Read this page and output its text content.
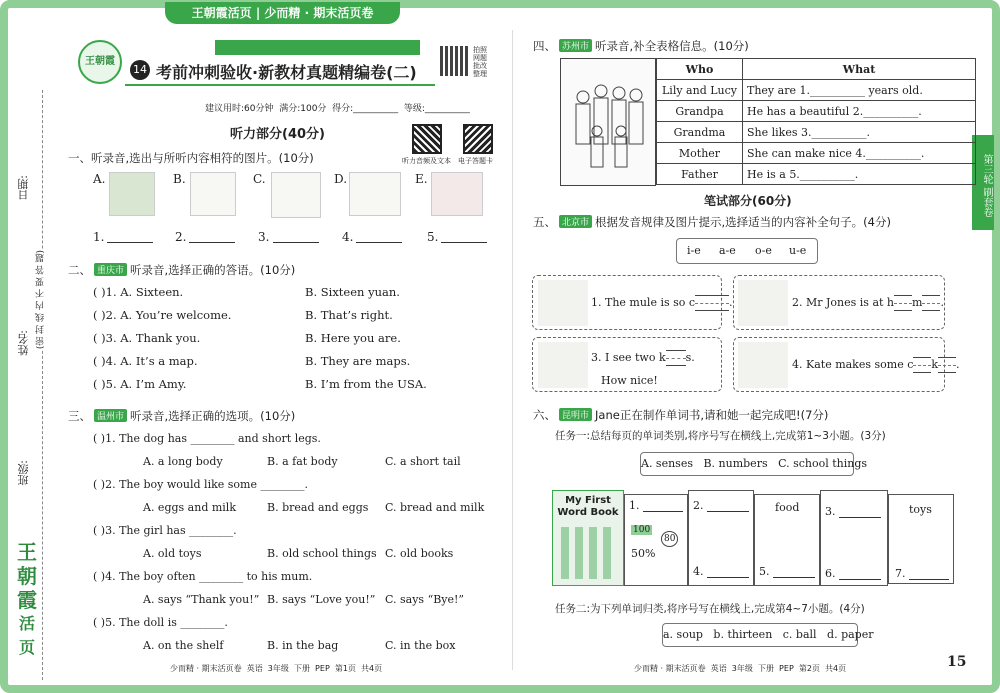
王朝霞活页 | 少而精 · 期末活页卷
日期:
(密 封 线 内 不 要 答 题)
姓名:
班级:
王
朝
霞
活页
第三轮 刷套卷
王朝霞
14 考前冲刺验收·新教材真题精编卷(二)
拍照 网题 批改 整理
建议用时:60分钟  满分:100分  得分:__________  等级:__________
听力部分(40分)
听力音频及文本 电子答题卡
一、听录音,选出与所听内容相符的图片。(10分)
A.	B.	C.	D.	E.
1.	2.	3.	4.	5.
二、 重庆市 听录音,选择正确的答语。(10分)
( )1. A. Sixteen.	B. Sixteen yuan.
( )2. A. You’re welcome.	B. That’s right.
( )3. A. Thank you.	B. Here you are.
( )4. A. It’s a map.	B. They are maps.
( )5. A. I’m Amy.	B. I’m from the USA.
三、 温州市 听录音,选择正确的选项。(10分)
( )1. The dog has ________ and short legs.
A. a long body	B. a fat body	C. a short tail
( )2. The boy would like some ________.
A. eggs and milk	B. bread and eggs C. bread and milk
( )3. The girl has ________.
A. old toys	B. old school things C. old books
( )4. The boy often ________ to his mum.
A. says “Thank you!” B. says “Love you!” C. says “Bye!”
( )5. The doll is ________.
A. on the shelf	B. in the bag	C. in the box
四、 苏州市 听录音,补全表格信息。(10分)
Who	What
Lily and Lucy	They are 1.__________ years old.
Grandpa	He has a beautiful 2.__________.
Grandma	She likes 3.__________.
Mother	She can make nice 4.__________.
Father	He is a 5.__________.
笔试部分(60分)
五、 北京市 根据发音规律及图片提示,选择适当的内容补全句子。(4分)
i-e a-e o-e u-e
1. The mule is so c	.	2. Mr Jones is at h m .
3. I see two k s.
How nice!
4. Kate makes some c k .
六、 昆明市 Jane正在制作单词书,请和她一起完成吧!(7分)
任务一:总结每页的单词类别,将序号写在横线上,完成第1~3小题。(3分)
A. senses   B. numbers   C. school things
My First Word Book
1.
100
80
50%
2.
4.
food
5.
3.
6.
toys
7.
任务二:为下列单词归类,将序号写在横线上,完成第4~7小题。(4分)
a. soup   b. thirteen   c. ball   d. paper
少而精 · 期末活页卷  英语  3年级  下册  PEP  第1页  共4页	少而精 · 期末活页卷  英语  3年级  下册  PEP  第2页  共4页	15
